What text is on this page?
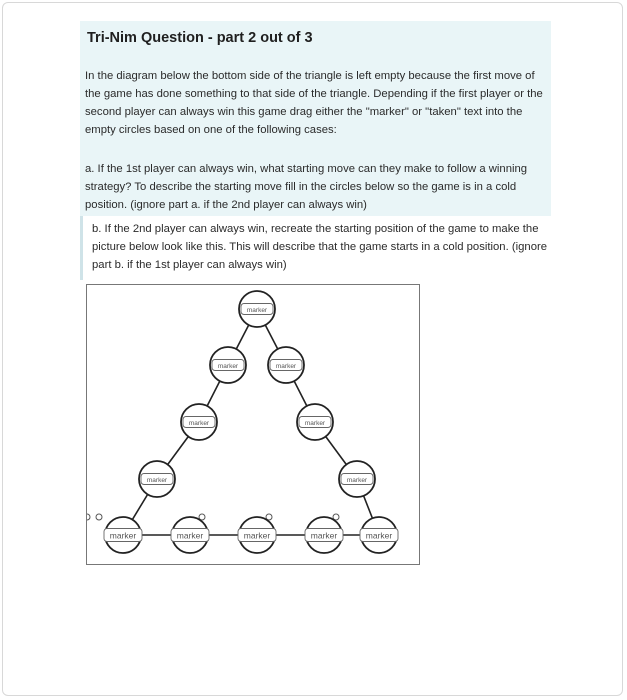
Tri-Nim Question - part 2 out of 3

In the diagram below the bottom side of the triangle is left empty because the first move of the game has done something to that side of the triangle. Depending if the first player or the second player can always win this game drag either the "marker" or "taken" text into the empty circles based on one of the following cases:

a. If the 1st player can always win, what starting move can they make to follow a winning strategy? To describe the starting move fill in the circles below so the game is in a cold position. (ignore part a. if the 2nd player can always win)

b. If the 2nd player can always win, recreate the starting position of the game to make the picture below look like this. This will describe that the game starts in a cold position. (ignore part b. if the 1st player can always win)

marker
marker	marker
marker	marker
marker	marker
marker	marker	marker	marker	marker
